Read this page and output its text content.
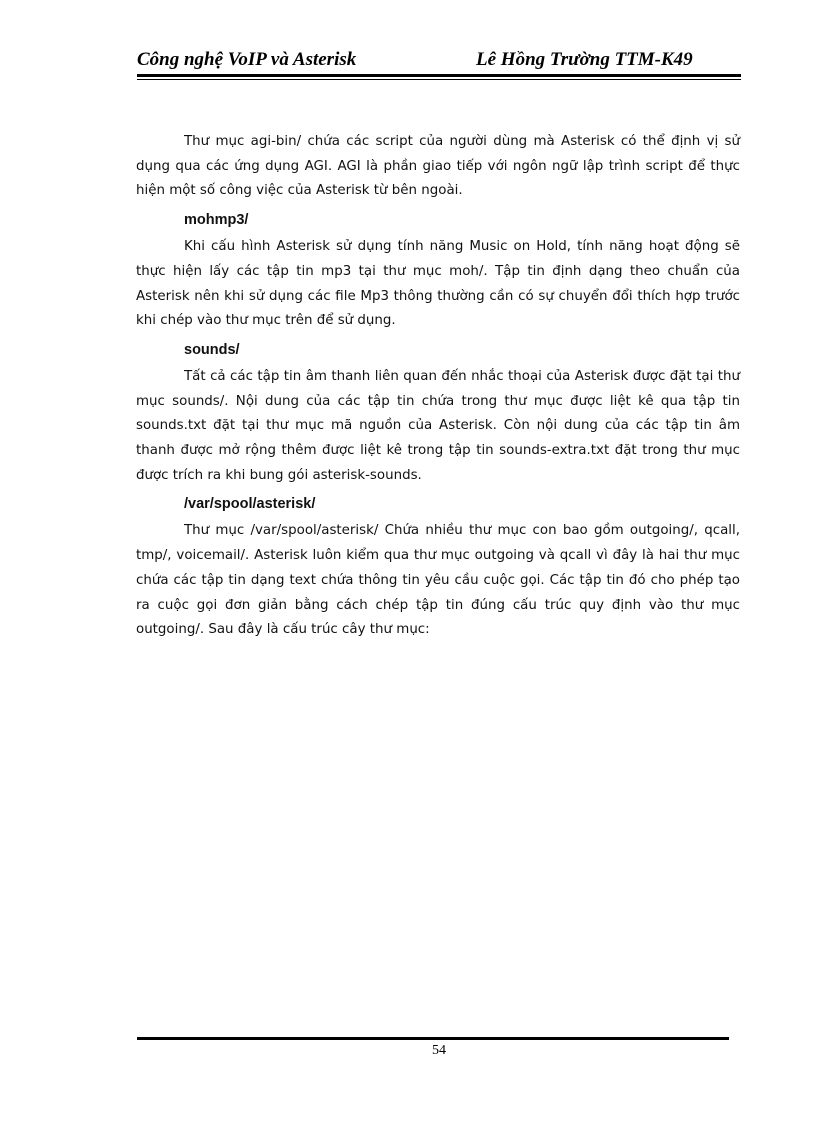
Công nghệ VoIP và Asterisk	Lê Hồng Trường TTM-K49

Thư mục agi-bin/ chứa các script của người dùng mà Asterisk có thể định vị sử dụng qua các ứng dụng AGI. AGI là phần giao tiếp với ngôn ngữ lập trình script để thực hiện một số công việc của Asterisk từ bên ngoài.

mohmp3/

Khi cấu hình Asterisk sử dụng tính năng Music on Hold, tính năng hoạt động sẽ thực hiện lấy các tập tin mp3 tại thư mục moh/. Tập tin định dạng theo chuẩn của Asterisk nên khi sử dụng các file Mp3 thông thường cần có sự chuyển đổi thích hợp trước khi chép vào thư mục trên để sử dụng.

sounds/

Tất cả các tập tin âm thanh liên quan đến nhắc thoại của Asterisk được đặt tại thư mục sounds/. Nội dung của các tập tin chứa trong thư mục được liệt kê qua tập tin sounds.txt đặt tại thư mục mã nguồn của Asterisk. Còn nội dung của các tập tin âm thanh được mở rộng thêm được liệt kê trong tập tin sounds-extra.txt đặt trong thư mục được trích ra khi bung gói asterisk-sounds.

/var/spool/asterisk/

Thư mục /var/spool/asterisk/ Chứa nhiều thư mục con bao gồm outgoing/, qcall, tmp/, voicemail/. Asterisk luôn kiểm qua thư mục outgoing và qcall vì đây là hai thư mục chứa các tập tin dạng text chứa thông tin yêu cầu cuộc gọi. Các tập tin đó cho phép tạo ra cuộc gọi đơn giản bằng cách chép tập tin đúng cấu trúc quy định vào thư mục outgoing/. Sau đây là cấu trúc cây thư mục:

54
